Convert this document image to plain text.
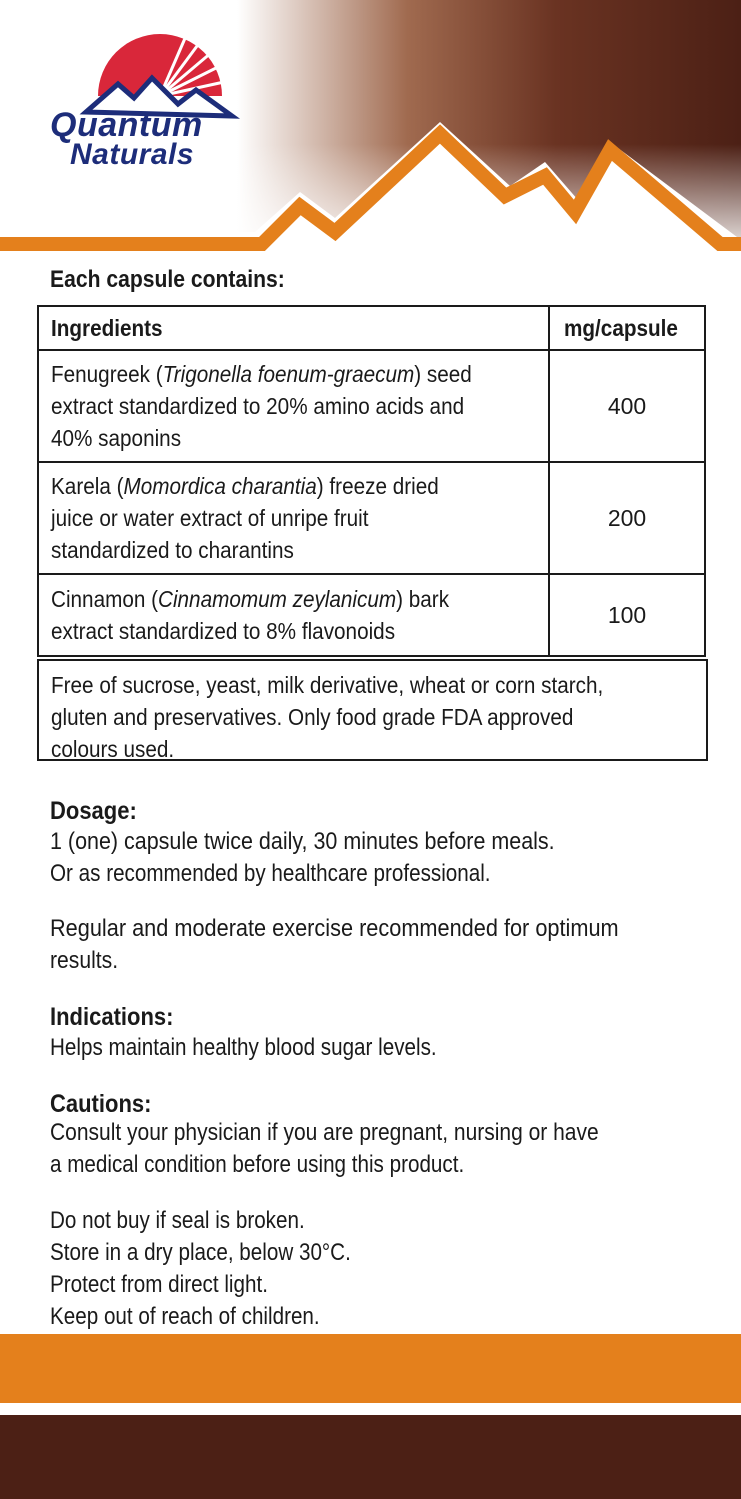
Quantum
Naturals
Each capsule contains:
Ingredients	mg/capsule
Fenugreek (Trigonella foenum-graecum) seed
extract standardized to 20% amino acids and
40% saponins	400
Karela (Momordica charantia) freeze dried
juice or water extract of unripe fruit
standardized to charantins	200
Cinnamon (Cinnamomum zeylanicum) bark
extract standardized to 8% flavonoids	100
Free of sucrose, yeast, milk derivative, wheat or corn starch,
gluten and preservatives. Only food grade FDA approved
colours used.
Dosage:
1 (one) capsule twice daily, 30 minutes before meals.
Or as recommended by healthcare professional.
Regular and moderate exercise recommended for optimum
results.
Indications:
Helps maintain healthy blood sugar levels.
Cautions:
Consult your physician if you are pregnant, nursing or have
a medical condition before using this product.
Do not buy if seal is broken.
Store in a dry place, below 30°C.
Protect from direct light.
Keep out of reach of children.
